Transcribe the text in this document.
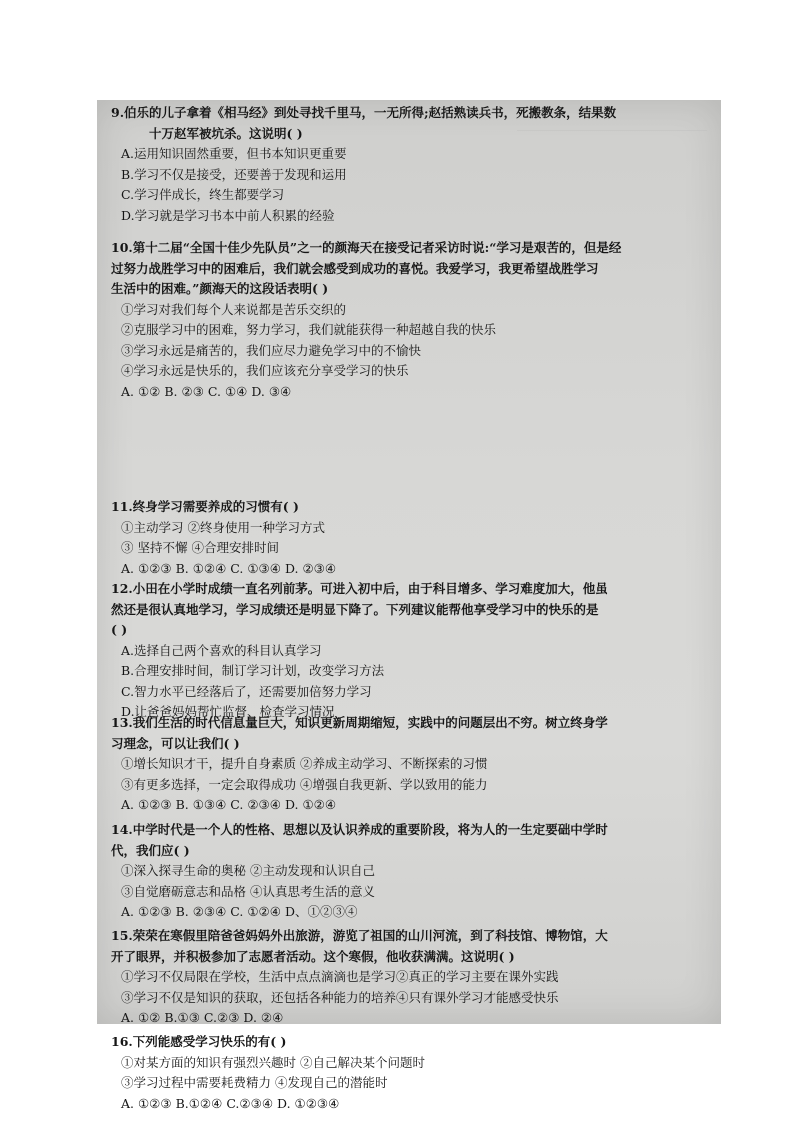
9.伯乐的儿子拿着《相马经》到处寻找千里马，一无所得;赵括熟读兵书，死搬教条，结果数
十万赵军被坑杀。这说明( )
A.运用知识固然重要，但书本知识更重要
B.学习不仅是接受，还要善于发现和运用
C.学习伴成长，终生都要学习
D.学习就是学习书本中前人积累的经验
10.第十二届“全国十佳少先队员”之一的颜海天在接受记者采访时说:“学习是艰苦的，但是经
过努力战胜学习中的困难后，我们就会感受到成功的喜悦。我爱学习，我更希望战胜学习
生活中的困难。”颜海天的这段话表明( )
①学习对我们每个人来说都是苦乐交织的
②克服学习中的困难，努力学习，我们就能获得一种超越自我的快乐
③学习永远是痛苦的，我们应尽力避免学习中的不愉快
④学习永远是快乐的，我们应该充分享受学习的快乐
A. ①② B. ②③ C. ①④ D. ③④
11.终身学习需要养成的习惯有( )
①主动学习 ②终身使用一种学习方式
③ 坚持不懈 ④合理安排时间
A. ①②③ B. ①②④ C. ①③④ D. ②③④
12.小田在小学时成绩一直名列前茅。可进入初中后，由于科目增多、学习难度加大，他虽
然还是很认真地学习，学习成绩还是明显下降了。下列建议能帮他享受学习中的快乐的是
( )
A.选择自己两个喜欢的科目认真学习
B.合理安排时间，制订学习计划，改变学习方法
C.智力水平已经落后了，还需要加倍努力学习
D.让爸爸妈妈帮忙监督、检查学习情况
13.我们生活的时代信息量巨大，知识更新周期缩短，实践中的问题层出不穷。树立终身学
习理念，可以让我们( )
①增长知识才干，提升自身素质 ②养成主动学习、不断探索的习惯
③有更多选择，一定会取得成功 ④增强自我更新、学以致用的能力
A. ①②③ B. ①③④ C. ②③④ D. ①②④
14.中学时代是一个人的性格、思想以及认识养成的重要阶段，将为人的一生定要础中学时
代，我们应( )
①深入探寻生命的奥秘 ②主动发现和认识自己
③自觉磨砺意志和品格 ④认真思考生活的意义
A. ①②③ B. ②③④ C. ①②④ D、①②③④
15.荣荣在寒假里陪爸爸妈妈外出旅游，游览了祖国的山川河流，到了科技馆、博物馆，大
开了眼界，并积极参加了志愿者活动。这个寒假，他收获满满。这说明( )
①学习不仅局限在学校，生活中点点滴滴也是学习②真正的学习主要在课外实践
③学习不仅是知识的获取，还包括各种能力的培养④只有课外学习才能感受快乐
A. ①② B.①③ C.②③ D. ②④
16.下列能感受学习快乐的有( )
①对某方面的知识有强烈兴趣时 ②自己解决某个问题时
③学习过程中需要耗费精力 ④发现自己的潜能时
A. ①②③ B.①②④ C.②③④ D. ①②③④
